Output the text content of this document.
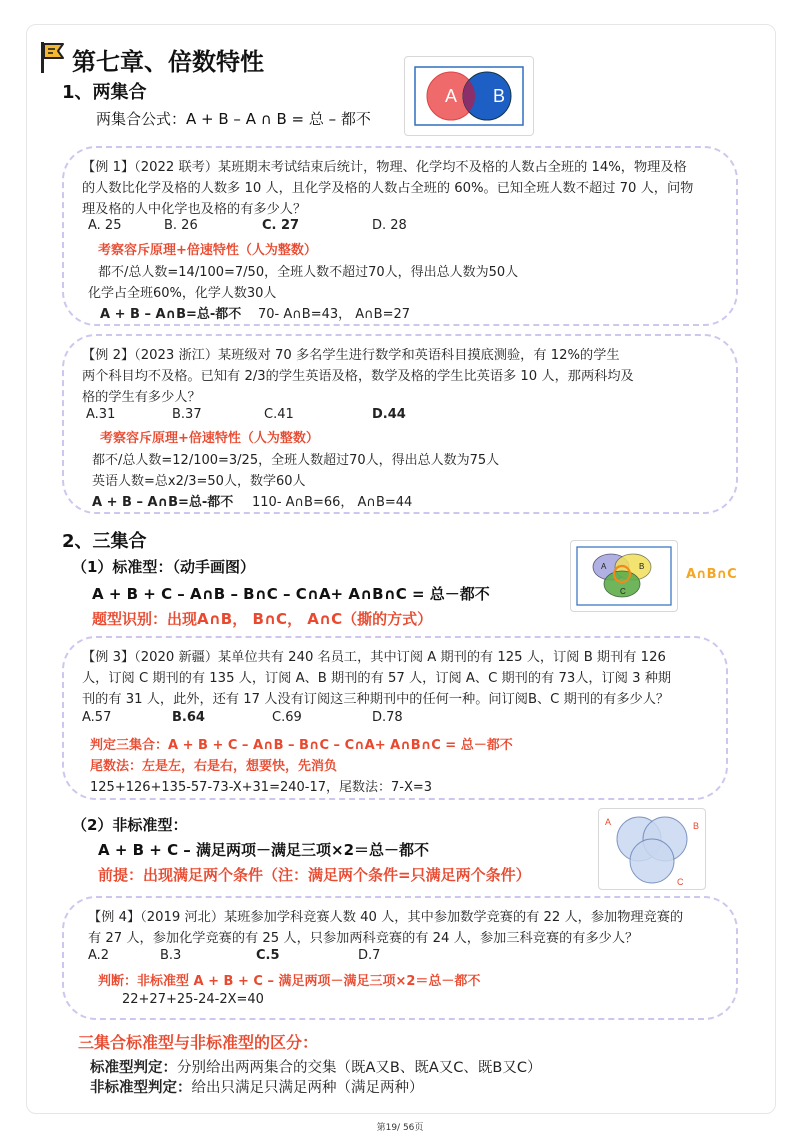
第七章、倍数特性
1、两集合
两集合公式：A + B – A ∩ B = 总 – 都不
A B
【例 1】（2022 联考）某班期末考试结束后统计，物理、化学均不及格的人数占全班的 14%，物理及格
的人数比化学及格的人数多 10 人，且化学及格的人数占全班的 60%。已知全班人数不超过 70 人，问物
理及格的人中化学也及格的有多少人？
A. 25	B. 26	C. 27	D. 28
考察容斥原理+倍速特性（人为整数）
都不/总人数=14/100=7/50，全班人数不超过70人，得出总人数为50人
化学占全班60%，化学人数30人
A + B – A∩B=总-都不 70- A∩B=43， A∩B=27
【例 2】（2023 浙江）某班级对 70 多名学生进行数学和英语科目摸底测验，有 12%的学生
两个科目均不及格。已知有 2/3的学生英语及格，数学及格的学生比英语多 10 人，那两科均及
格的学生有多少人？
A.31	B.37	C.41	D.44
考察容斥原理+倍速特性（人为整数）
都不/总人数=12/100=3/25，全班人数超过70人，得出总人数为75人
英语人数=总x2/3=50人，数学60人
A + B – A∩B=总-都不 110- A∩B=66， A∩B=44
2、三集合
（1）标准型：（动手画图）
A + B + C – A∩B – B∩C – C∩A+ A∩B∩C = 总－都不
题型识别：出现A∩B， B∩C， A∩C（撕的方式）
A	B
C
A∩B∩C
【例 3】（2020 新疆）某单位共有 240 名员工，其中订阅 A 期刊的有 125 人，订阅 B 期刊有 126
人，订阅 C 期刊的有 135 人，订阅 A、B 期刊的有 57 人，订阅 A、C 期刊的有 73人，订阅 3 种期
刊的有 31 人，此外，还有 17 人没有订阅这三种期刊中的任何一种。问订阅B、C 期刊的有多少人？
A.57	B.64	C.69	D.78
判定三集合：A + B + C – A∩B – B∩C – C∩A+ A∩B∩C = 总－都不
尾数法：左是左，右是右，想要快，先消负
125+126+135-57-73-X+31=240-17，尾数法：7-X=3
（2）非标准型：
A + B + C – 满足两项－满足三项×2＝总－都不
前提：出现满足两个条件（注：满足两个条件=只满足两个条件）
A	B
C
【例 4】（2019 河北）某班参加学科竞赛人数 40 人，其中参加数学竞赛的有 22 人，参加物理竞赛的
有 27 人，参加化学竞赛的有 25 人，只参加两科竞赛的有 24 人，参加三科竞赛的有多少人？
A.2	B.3	C.5	D.7
判断：非标准型 A + B + C – 满足两项－满足三项×2＝总－都不
22+27+25-24-2X=40
三集合标准型与非标准型的区分：
标准型判定：分别给出两两集合的交集（既A又B、既A又C、既B又C）
非标准型判定：给出只满足只满足两种（满足两种）
第19/ 56页
